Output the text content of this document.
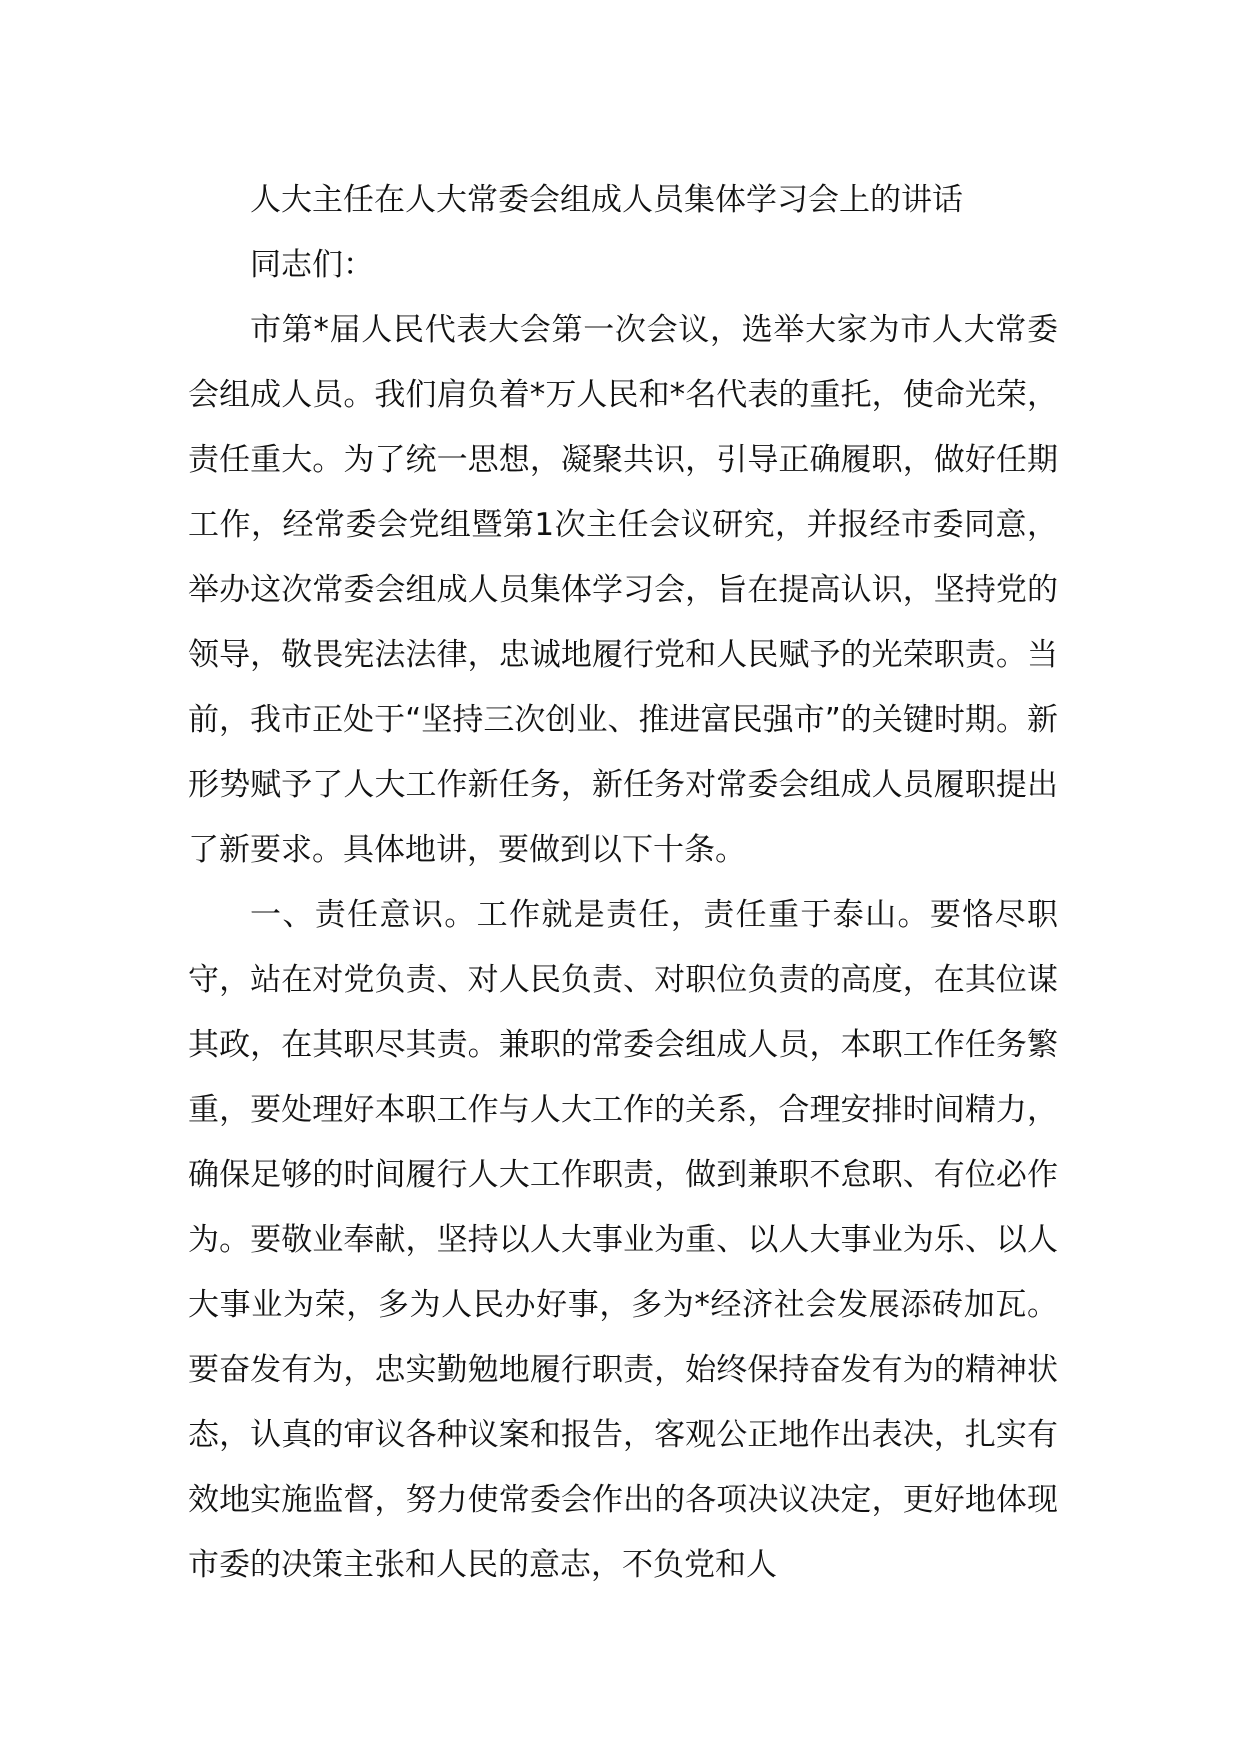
人大主任在人大常委会组成人员集体学习会上的讲话

同志们：

市第*届人民代表大会第一次会议，选举大家为市人大常委会组成人员。我们肩负着*万人民和*名代表的重托，使命光荣，责任重大。为了统一思想，凝聚共识，引导正确履职，做好任期工作，经常委会党组暨第1次主任会议研究，并报经市委同意，举办这次常委会组成人员集体学习会，旨在提高认识，坚持党的领导，敬畏宪法法律，忠诚地履行党和人民赋予的光荣职责。当前，我市正处于“坚持三次创业、推进富民强市”的关键时期。新形势赋予了人大工作新任务，新任务对常委会组成人员履职提出了新要求。具体地讲，要做到以下十条。

一、责任意识。工作就是责任，责任重于泰山。要恪尽职守，站在对党负责、对人民负责、对职位负责的高度，在其位谋其政，在其职尽其责。兼职的常委会组成人员，本职工作任务繁重，要处理好本职工作与人大工作的关系，合理安排时间精力，确保足够的时间履行人大工作职责，做到兼职不怠职、有位必作为。要敬业奉献，坚持以人大事业为重、以人大事业为乐、以人大事业为荣，多为人民办好事，多为*经济社会发展添砖加瓦。要奋发有为，忠实勤勉地履行职责，始终保持奋发有为的精神状态，认真的审议各种议案和报告，客观公正地作出表决，扎实有效地实施监督，努力使常委会作出的各项决议决定，更好地体现市委的决策主张和人民的意志，不负党和人
